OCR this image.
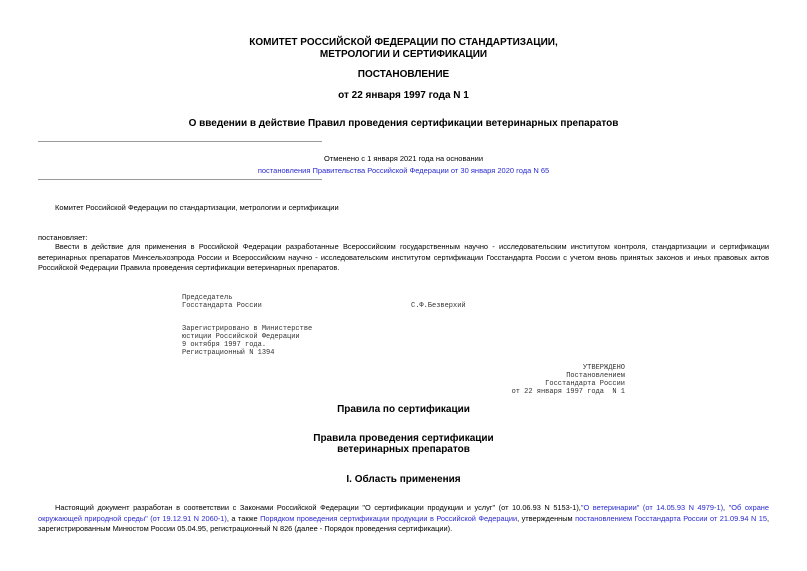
КОМИТЕТ РОССИЙСКОЙ ФЕДЕРАЦИИ ПО СТАНДАРТИЗАЦИИ,
МЕТРОЛОГИИ И СЕРТИФИКАЦИИ
ПОСТАНОВЛЕНИЕ
от 22 января 1997 года N 1
О введении в действие Правил проведения сертификации ветеринарных препаратов
Отменено с 1 января 2021 года на основании
постановления Правительства Российской Федерации от 30 января 2020 года N 65
Комитет Российской Федерации по стандартизации, метрологии и сертификации
постановляет:

Ввести в действие для применения в Российской Федерации разработанные Всероссийским государственным научно - исследовательским институтом контроля, стандартизации и сертификации ветеринарных препаратов Минсельхозпрода России и Всероссийским научно - исследовательским институтом сертификации Госстандарта России с учетом вновь принятых законов и иных правовых актов Российской Федерации Правила проведения сертификации ветеринарных препаратов.

Председатель
Госстандарта России	С.Ф.Безверхий
Зарегистрировано в Министерстве
юстиции Российской Федерации
9 октября 1997 года.
Регистрационный N 1394
УТВЕРЖДЕНО
Постановлением
Госстандарта России
от 22 января 1997 года  N 1
Правила по сертификации
Правила проведения сертификации
ветеринарных препаратов
I. Область применения

Настоящий документ разработан в соответствии с Законами Российской Федерации "О сертификации продукции и услуг" (от 10.06.93 N 5153-1),"О ветеринарии" (от 14.05.93 N 4979-1), "Об охране окружающей природной среды" (от 19.12.91 N 2060-1), а также Порядком проведения сертификации продукции в Российской Федерации, утвержденным постановлением Госстандарта России от 21.09.94 N 15, зарегистрированным Минюстом России 05.04.95, регистрационный N 826 (далее - Порядок проведения сертификации).
